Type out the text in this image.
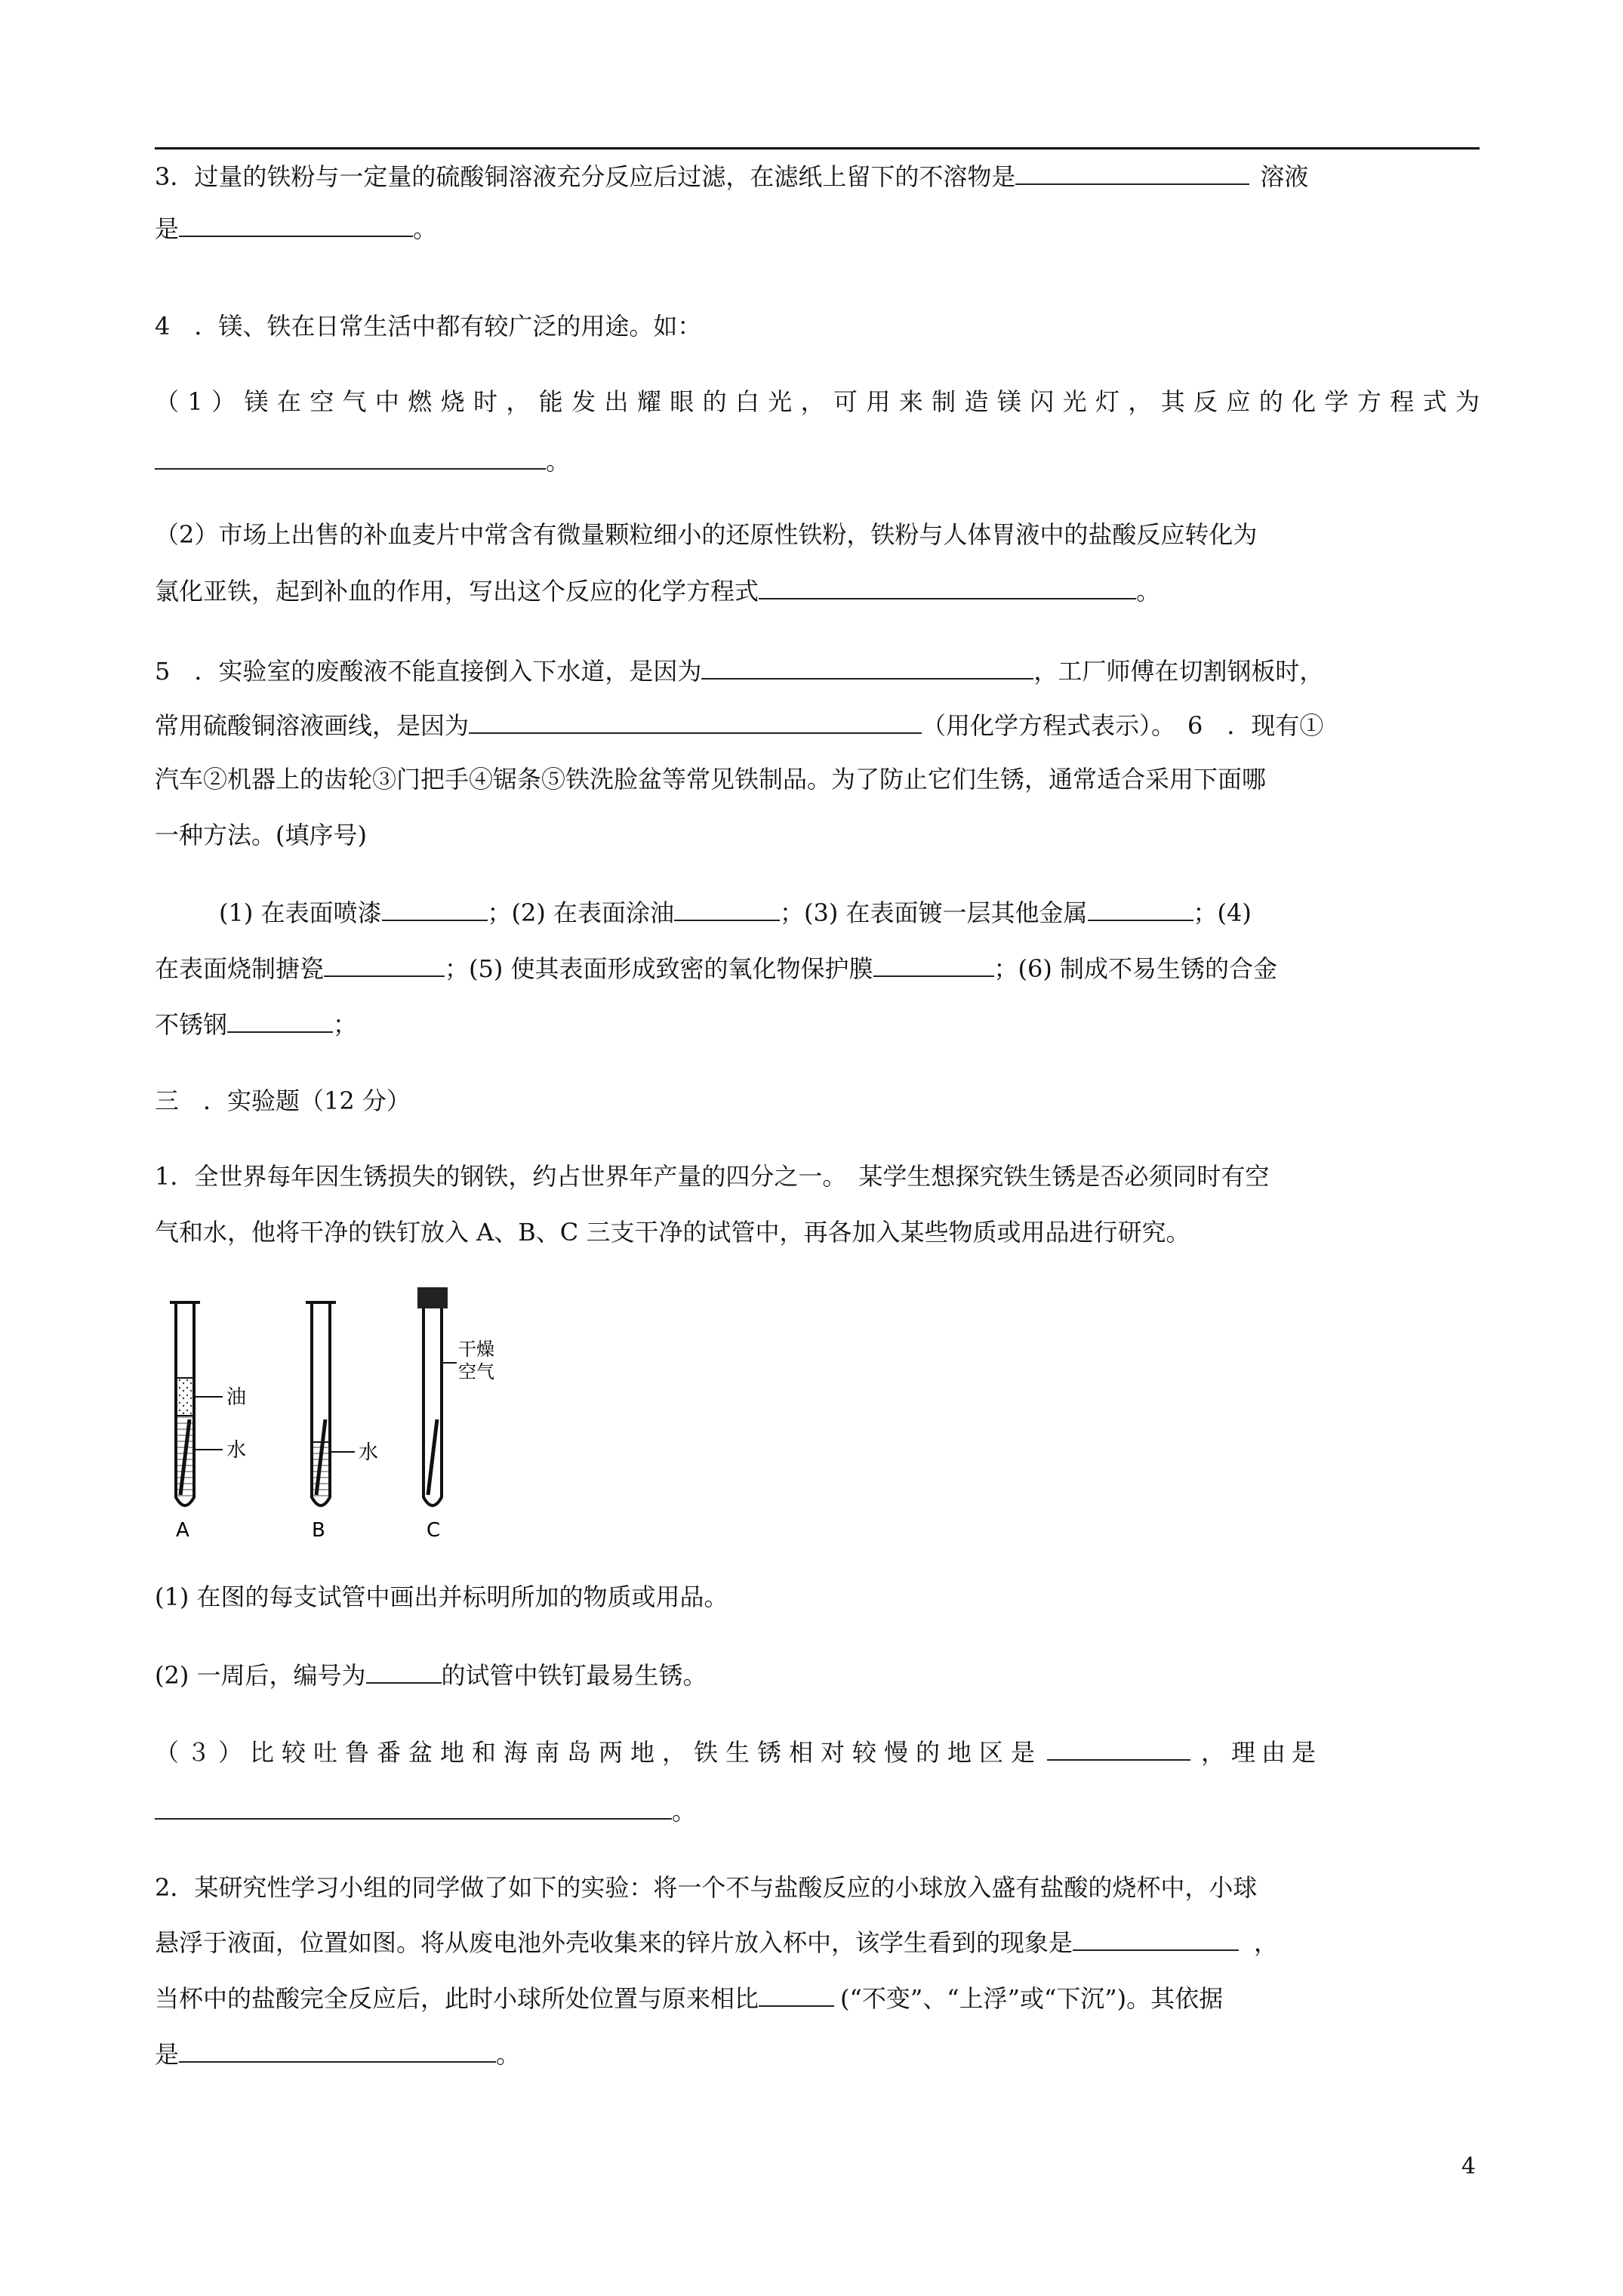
3．过量的铁粉与一定量的硫酸铜溶液充分反应后过滤，在滤纸上留下的不溶物是	溶液
是	。
4　．镁、铁在日常生活中都有较广泛的用途。如：
（1）镁在空气中燃烧时，能发出耀眼的白光，可用来制造镁闪光灯，其反应的化学方程式为
。
（2）市场上出售的补血麦片中常含有微量颗粒细小的还原性铁粉，铁粉与人体胃液中的盐酸反应转化为
氯化亚铁，起到补血的作用，写出这个反应的化学方程式	。
5　．实验室的废酸液不能直接倒入下水道，是因为	，工厂师傅在切割钢板时，
常用硫酸铜溶液画线，是因为	（用化学方程式表示）。　6　．现有①
汽车②机器上的齿轮③门把手④锯条⑤铁洗脸盆等常见铁制品。为了防止它们生锈，通常适合采用下面哪
一种方法。(填序号)
(1) 在表面喷漆	；(2) 在表面涂油	；(3) 在表面镀一层其他金属	；(4)
在表面烧制搪瓷	；(5) 使其表面形成致密的氧化物保护膜	；(6) 制成不易生锈的合金
不锈钢	；
三　．实验题（12 分）
1．全世界每年因生锈损失的钢铁，约占世界年产量的四分之一。　某学生想探究铁生锈是否必须同时有空
气和水，他将干净的铁钉放入 A、B、C 三支干净的试管中，再各加入某些物质或用品进行研究。
油
水
A
水
B
干燥
空气
C
(1) 在图的每支试管中画出并标明所加的物质或用品。
(2) 一周后，编号为	的试管中铁钉最易生锈。
（３）比较吐鲁番盆地和海南岛两地，铁生锈相对较慢的地区是	，理由是
。
2．某研究性学习小组的同学做了如下的实验：将一个不与盐酸反应的小球放入盛有盐酸的烧杯中，小球
悬浮于液面，位置如图。将从废电池外壳收集来的锌片放入杯中，该学生看到的现象是	，
当杯中的盐酸完全反应后，此时小球所处位置与原来相比	(“不变”、“上浮”或“下沉”)。其依据
是	。
4
